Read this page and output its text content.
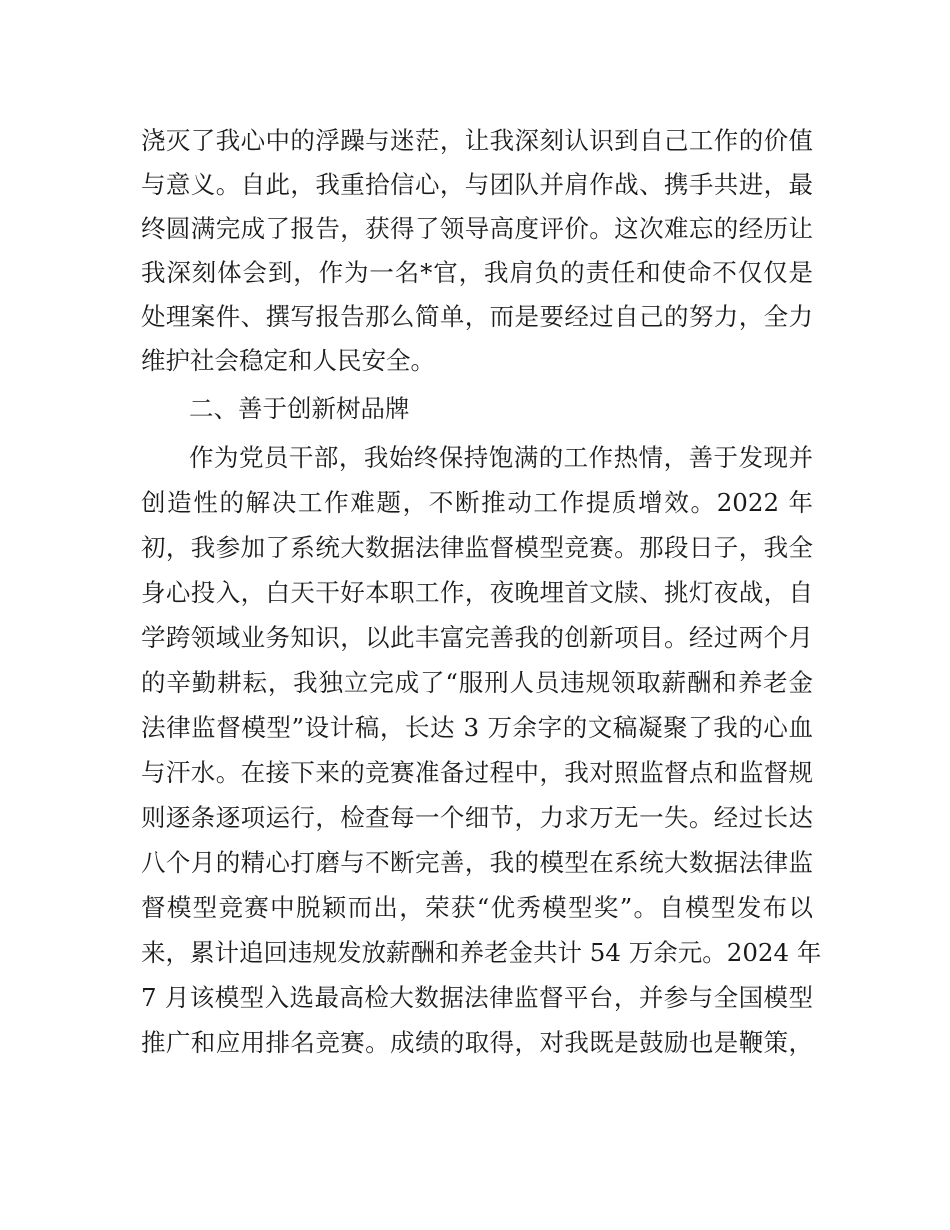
浇灭了我心中的浮躁与迷茫，让我深刻认识到自己工作的价值
与意义。自此，我重拾信心，与团队并肩作战、携手共进，最
终圆满完成了报告，获得了领导高度评价。这次难忘的经历让
我深刻体会到，作为一名*官，我肩负的责任和使命不仅仅是
处理案件、撰写报告那么简单，而是要经过自己的努力，全力
维护社会稳定和人民安全。
二、善于创新树品牌
作为党员干部，我始终保持饱满的工作热情，善于发现并
创造性的解决工作难题，不断推动工作提质增效。2022 年
初，我参加了系统大数据法律监督模型竞赛。那段日子，我全
身心投入，白天干好本职工作，夜晚埋首文牍、挑灯夜战，自
学跨领域业务知识，以此丰富完善我的创新项目。经过两个月
的辛勤耕耘，我独立完成了“服刑人员违规领取薪酬和养老金
法律监督模型”设计稿，长达 3 万余字的文稿凝聚了我的心血
与汗水。在接下来的竞赛准备过程中，我对照监督点和监督规
则逐条逐项运行，检查每一个细节，力求万无一失。经过长达
八个月的精心打磨与不断完善，我的模型在系统大数据法律监
督模型竞赛中脱颖而出，荣获“优秀模型奖”。自模型发布以
来，累计追回违规发放薪酬和养老金共计 54 万余元。2024 年
7 月该模型入选最高检大数据法律监督平台，并参与全国模型
推广和应用排名竞赛。成绩的取得，对我既是鼓励也是鞭策，
